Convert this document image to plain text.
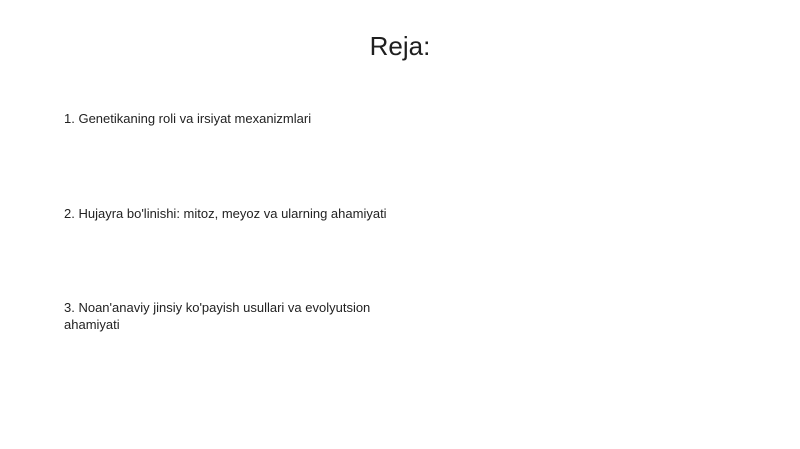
Reja:

1. Genetikaning roli va irsiyat mexanizmlari

2. Hujayra bo'linishi: mitoz, meyoz va ularning ahamiyati

3. Noan'anaviy jinsiy ko'payish usullari va evolyutsion ahamiyati
